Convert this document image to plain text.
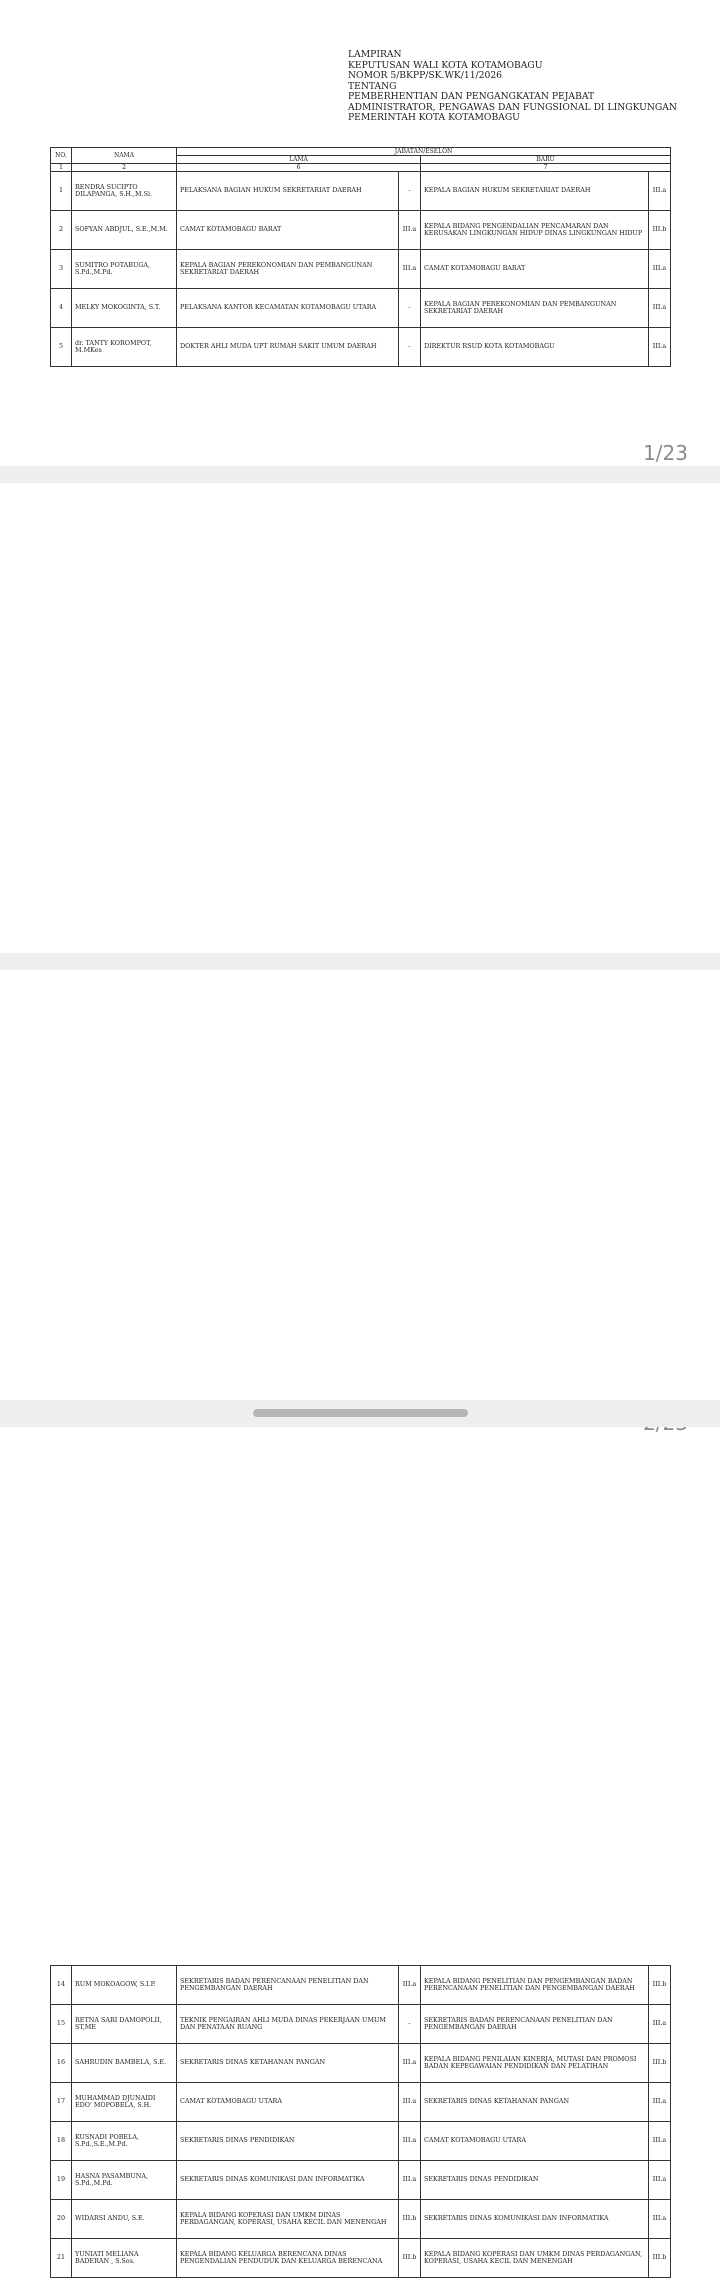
LAMPIRAN
KEPUTUSAN WALI KOTA KOTAMOBAGU
NOMOR 5/BKPP/SK.WK/11/2026
TENTANG
PEMBERHENTIAN DAN PENGANGKATAN PEJABAT
ADMINISTRATOR, PENGAWAS DAN FUNGSIONAL DI LINGKUNGAN
PEMERINTAH KOTA KOTAMOBAGU
NO.	NAMA	JABATAN/ESELON			
		LAMA		BARU	
1	2	6		7	
1	RENDRA SUCIPTO DILAPANGA, S.H.,M.Si.	PELAKSANA BAGIAN HUKUM SEKRETARIAT DAERAH	-	KEPALA BAGIAN HUKUM SEKRETARIAT DAERAH	III.a
2	SOFYAN ABDJUL, S.E.,M.M.	CAMAT KOTAMOBAGU BARAT	III.a	KEPALA BIDANG PENGENDALIAN PENCAMARAN DAN KERUSAKAN LINGKUNGAN HIDUP DINAS LINGKUNGAN HIDUP	III.b
3	SUMITRO POTABUGA, S.Pd.,M.Pd.	KEPALA BAGIAN PEREKONOMIAN DAN PEMBANGUNAN SEKRETARIAT DAERAH	III.a	CAMAT KOTAMOBAGU BARAT	III.a
4	MELKY MOKOGINTA, S.T.	PELAKSANA KANTOR KECAMATAN KOTAMOBAGU UTARA	-	KEPALA BAGIAN PEREKONOMIAN DAN PEMBANGUNAN SEKRETARIAT DAERAH	III.a
5	dr. TANTY KOROMPOT, M.MKes	DOKTER AHLI MUDA UPT RUMAH SAKIT UMUM DAERAH	-	DIREKTUR RSUD KOTA KOTAMOBAGU	III.a
1/23

14	RUM MOKOAGOW, S.I.P.	SEKRETARIS BADAN PERENCANAAN PENELITIAN DAN PENGEMBANGAN DAERAH	III.a	KEPALA BIDANG PENELITIAN DAN PENGEMBANGAN BADAN PERENCANAAN PENELITIAN DAN PENGEMBANGAN DAERAH	III.b
15	RETNA SARI DAMOPOLII, ST,ME	TEKNIK PENGAIRAN AHLI MUDA DINAS PEKERJAAN UMUM DAN PENATAAN RUANG	-	SEKRETARIS BADAN PERENCANAAN PENELITIAN DAN PENGEMBANGAN DAERAH	III.a
16	SAHRUDIN BAMBELA, S.E.	SEKRETARIS DINAS KETAHANAN PANGAN	III.a	KEPALA BIDANG PENILAIAN KINERJA, MUTASI DAN PROMOSI BADAN KEPEGAWAIAN PENDIDIKAN DAN PELATIHAN	III.b
17	MUHAMMAD DJUNAIDI EDO' MOPOBELA, S.H.	CAMAT KOTAMOBAGU UTARA	III.a	SEKRETARIS DINAS KETAHANAN PANGAN	III.a
18	KUSNADI POBELA, S.Pd.,S.E.,M.Pd.	SEKRETARIS DINAS PENDIDIKAN	III.a	CAMAT KOTAMOBAGU UTARA	III.a
19	HASNA PASAMBUNA, S.Pd.,M.Pd.	SEKRETARIS DINAS KOMUNIKASI DAN INFORMATIKA	III.a	SEKRETARIS DINAS PENDIDIKAN	III.a
20	WIDARSI ANDU, S.E.	KEPALA BIDANG KOPERASI DAN UMKM DINAS PERDAGANGAN, KOPERASI, USAHA KECIL DAN MENENGAH	III.b	SEKRETARIS DINAS KOMUNIKASI DAN INFORMATIKA	III.a
21	YUNIATI MELIANA BADERAN , S.Sos.	KEPALA BIDANG KELUARGA BERENCANA DINAS PENGENDALIAN PENDUDUK DAN KELUARGA BERENCANA	III.b	KEPALA BIDANG KOPERASI DAN UMKM DINAS PERDAGANGAN, KOPERASI, USAHA KECIL DAN MENENGAH	III.b
